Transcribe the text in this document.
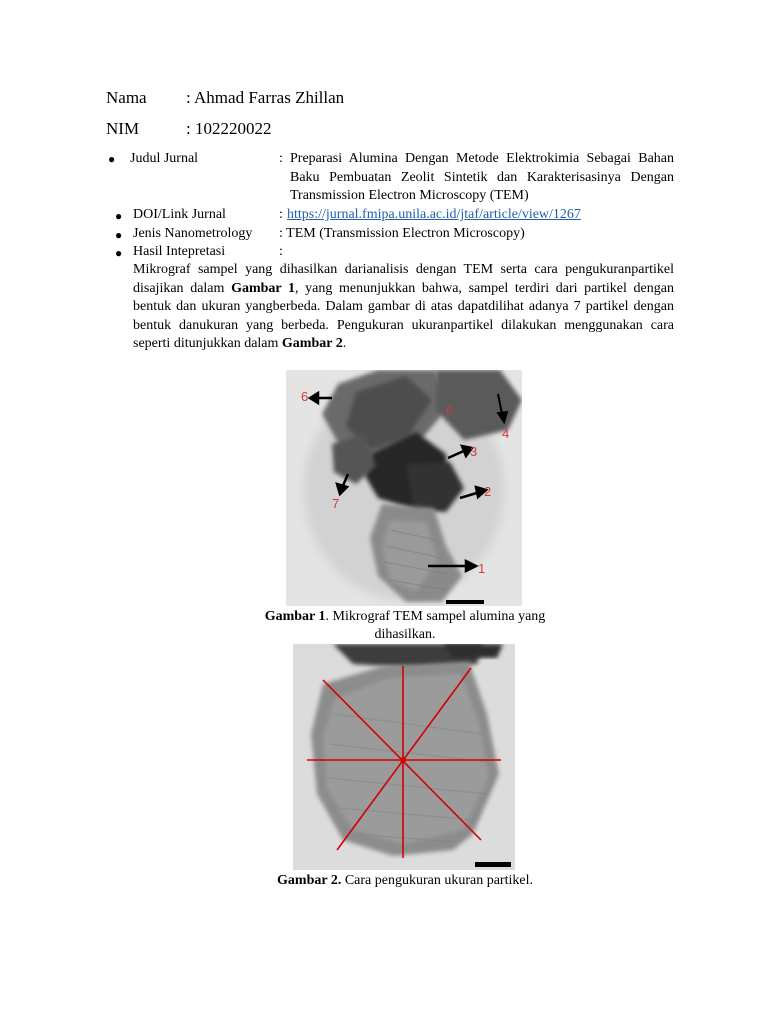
Nama : Ahmad Farras Zhillan
NIM	: 102220022
● Judul Jurnal	: Preparasi Alumina Dengan Metode Elektrokimia Sebagai Bahan Baku Pembuatan Zeolit Sintetik dan Karakterisasinya Dengan Transmission Electron Microscopy (TEM)
● DOI/Link Jurnal	: https://jurnal.fmipa.unila.ac.id/jtaf/article/view/1267
● Jenis Nanometrology : TEM (Transmission Electron Microscopy)
● Hasil Intepretasi	:
Mikrograf sampel yang dihasilkan darianalisis dengan TEM serta cara pengukuranpartikel disajikan dalam Gambar 1, yang menunjukkan bahwa, sampel terdiri dari partikel dengan bentuk dan ukuran yangberbeda. Dalam gambar di atas dapatdilihat adanya 7 partikel dengan bentuk danukuran yang berbeda. Pengukuran ukuranpartikel dilakukan menggunakan cara seperti ditunjukkan dalam Gambar 2.
6
6
4
3
2
7
1
Gambar 1. Mikrograf TEM sampel alumina yang
dihasilkan.
Gambar 2. Cara pengukuran ukuran partikel.
